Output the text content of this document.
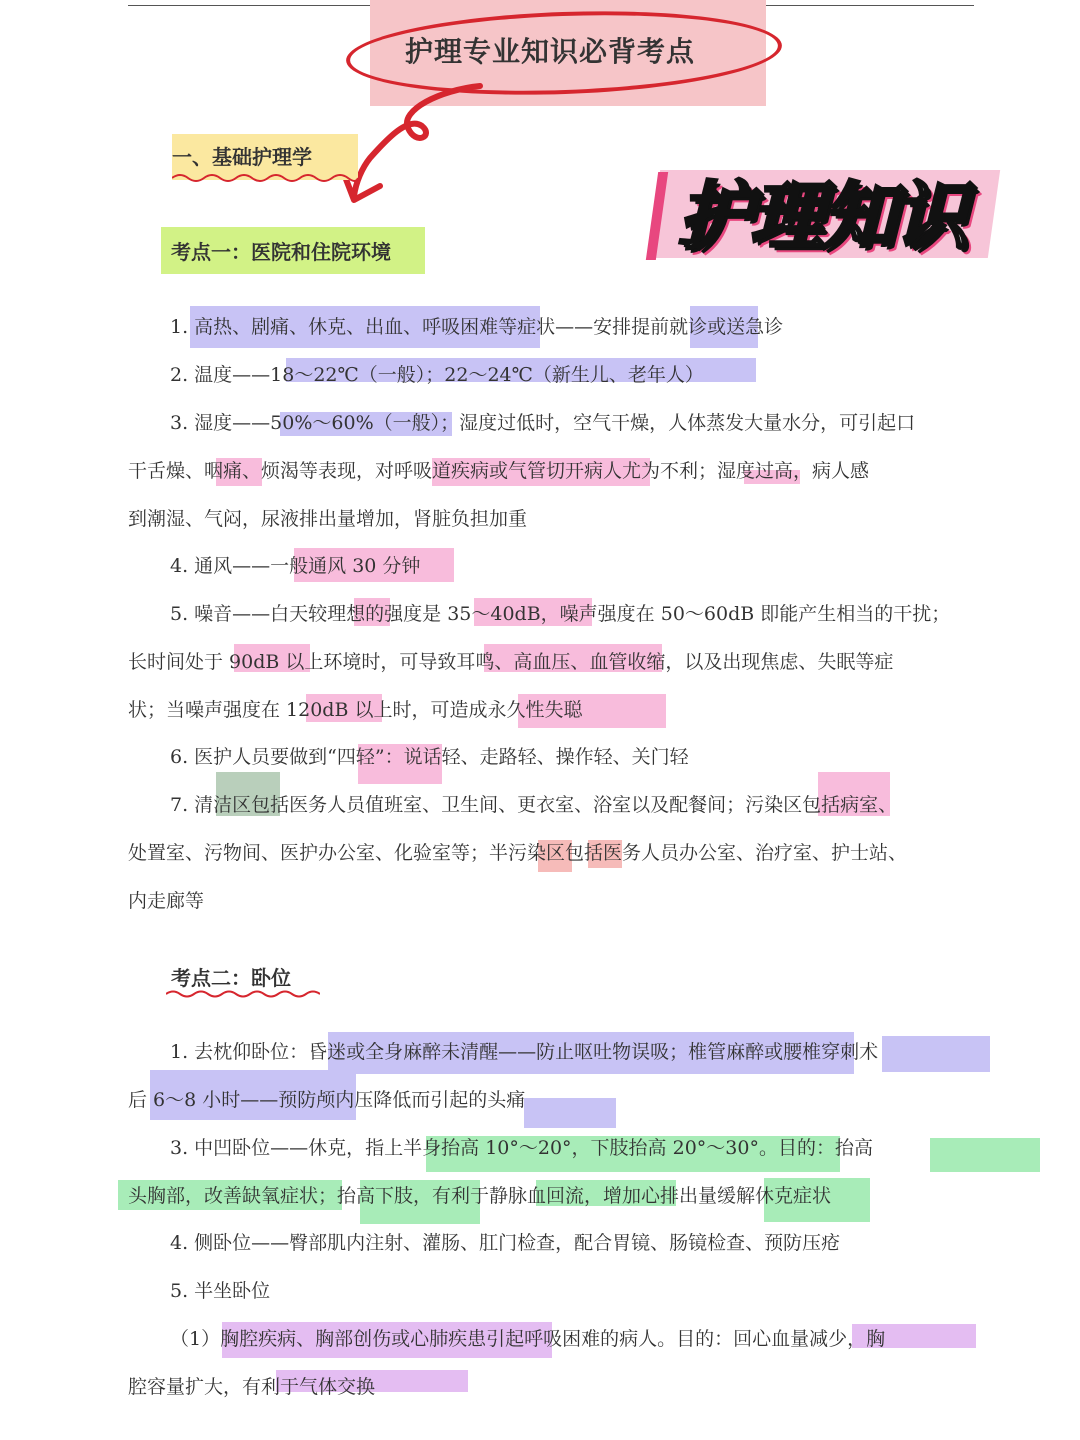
护理专业知识必背考点
一、基础护理学
护理知识
考点一：医院和住院环境
1. 高热、剧痛、休克、出血、呼吸困难等症状——安排提前就诊或送急诊
2. 温度——18～22℃（一般）；22～24℃（新生儿、老年人）
3. 湿度——50%～60%（一般）；湿度过低时，空气干燥，人体蒸发大量水分，可引起口
干舌燥、咽痛、烦渴等表现，对呼吸道疾病或气管切开病人尤为不利；湿度过高，病人感
到潮湿、气闷，尿液排出量增加，肾脏负担加重
4. 通风——一般通风 30 分钟
5. 噪音——白天较理想的强度是 35～40dB，噪声强度在 50～60dB 即能产生相当的干扰；
长时间处于 90dB 以上环境时，可导致耳鸣、高血压、血管收缩，以及出现焦虑、失眠等症
状；当噪声强度在 120dB 以上时，可造成永久性失聪
6. 医护人员要做到“四轻”：说话轻、走路轻、操作轻、关门轻
7. 清洁区包括医务人员值班室、卫生间、更衣室、浴室以及配餐间；污染区包括病室、
处置室、污物间、医护办公室、化验室等；半污染区包括医务人员办公室、治疗室、护士站、
内走廊等
考点二：卧位
1. 去枕仰卧位：昏迷或全身麻醉未清醒——防止呕吐物误吸；椎管麻醉或腰椎穿刺术
后 6～8 小时——预防颅内压降低而引起的头痛
3. 中凹卧位——休克，指上半身抬高 10°～20°，下肢抬高 20°～30°。目的：抬高
头胸部，改善缺氧症状；抬高下肢，有利于静脉血回流，增加心排出量缓解休克症状
4. 侧卧位——臀部肌内注射、灌肠、肛门检查，配合胃镜、肠镜检查、预防压疮
5. 半坐卧位
（1）胸腔疾病、胸部创伤或心肺疾患引起呼吸困难的病人。目的：回心血量减少，胸
腔容量扩大，有利于气体交换
